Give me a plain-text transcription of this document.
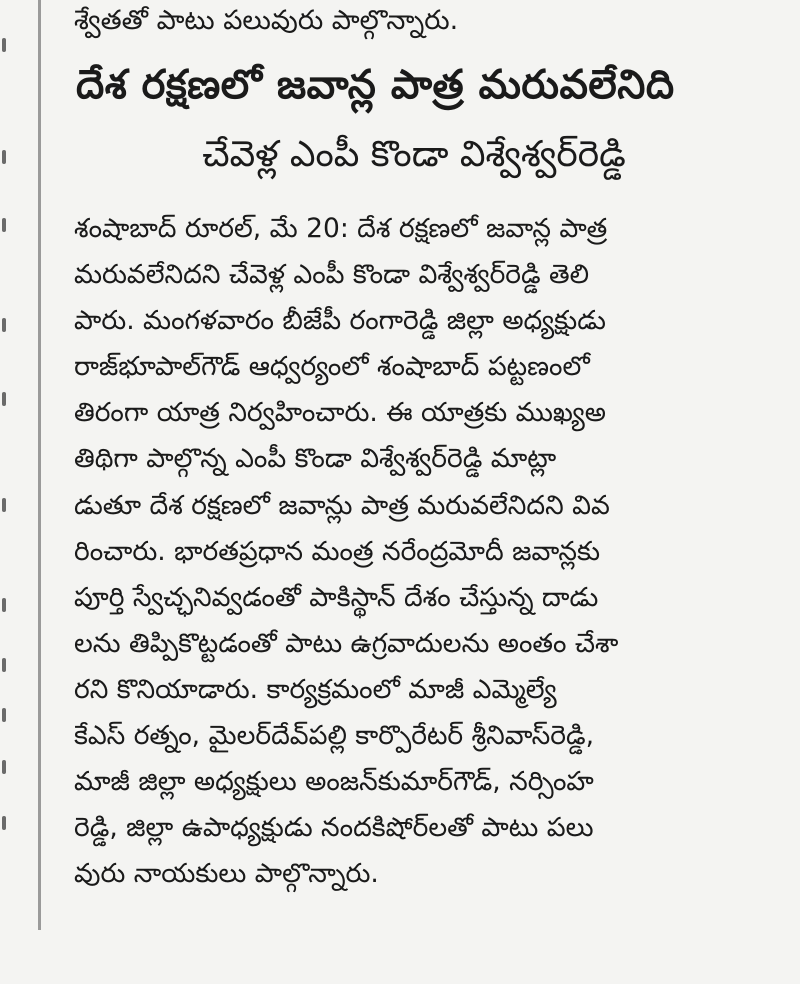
శ్వేతతో పాటు పలువురు పాల్గొన్నారు.
దేశ రక్షణలో జవాన్ల పాత్ర మరువలేనిది
చేవెళ్ల ఎంపీ కొండా విశ్వేశ్వర్‌రెడ్డి
శంషాబాద్ రూరల్, మే 20: దేశ రక్షణలో జవాన్ల పాత్ర
మరువలేనిదని చేవెళ్ల ఎంపీ కొండా విశ్వేశ్వర్‌రెడ్డి తెలి
పారు. మంగళవారం బీజేపీ రంగారెడ్డి జిల్లా అధ్యక్షుడు
రాజ్‌భూపాల్‌గౌడ్ ఆధ్వర్యంలో శంషాబాద్ పట్టణంలో
తిరంగా యాత్ర నిర్వహించారు. ఈ యాత్రకు ముఖ్యఅ
తిథిగా పాల్గొన్న ఎంపీ కొండా విశ్వేశ్వర్‌రెడ్డి మాట్లా
డుతూ దేశ రక్షణలో జవాన్లు పాత్ర మరువలేనిదని వివ
రించారు. భారతప్రధాన మంత్ర నరేంద్రమోదీ జవాన్లకు
పూర్తి స్వేచ్ఛనివ్వడంతో పాకిస్థాన్ దేశం చేస్తున్న దాడు
లను తిప్పికొట్టడంతో పాటు ఉగ్రవాదులను అంతం చేశా
రని కొనియాడారు. కార్యక్రమంలో మాజీ ఎమ్మెల్యే
కేఎస్ రత్నం, మైలర్‌దేవ్‌పల్లి కార్పొరేటర్ శ్రీనివాస్‌రెడ్డి,
మాజీ జిల్లా అధ్యక్షులు అంజన్‌కుమార్‌గౌడ్, నర్సింహ
రెడ్డి, జిల్లా ఉపాధ్యక్షుడు నందకిషోర్‌లతో పాటు పలు
వురు నాయకులు పాల్గొన్నారు.
